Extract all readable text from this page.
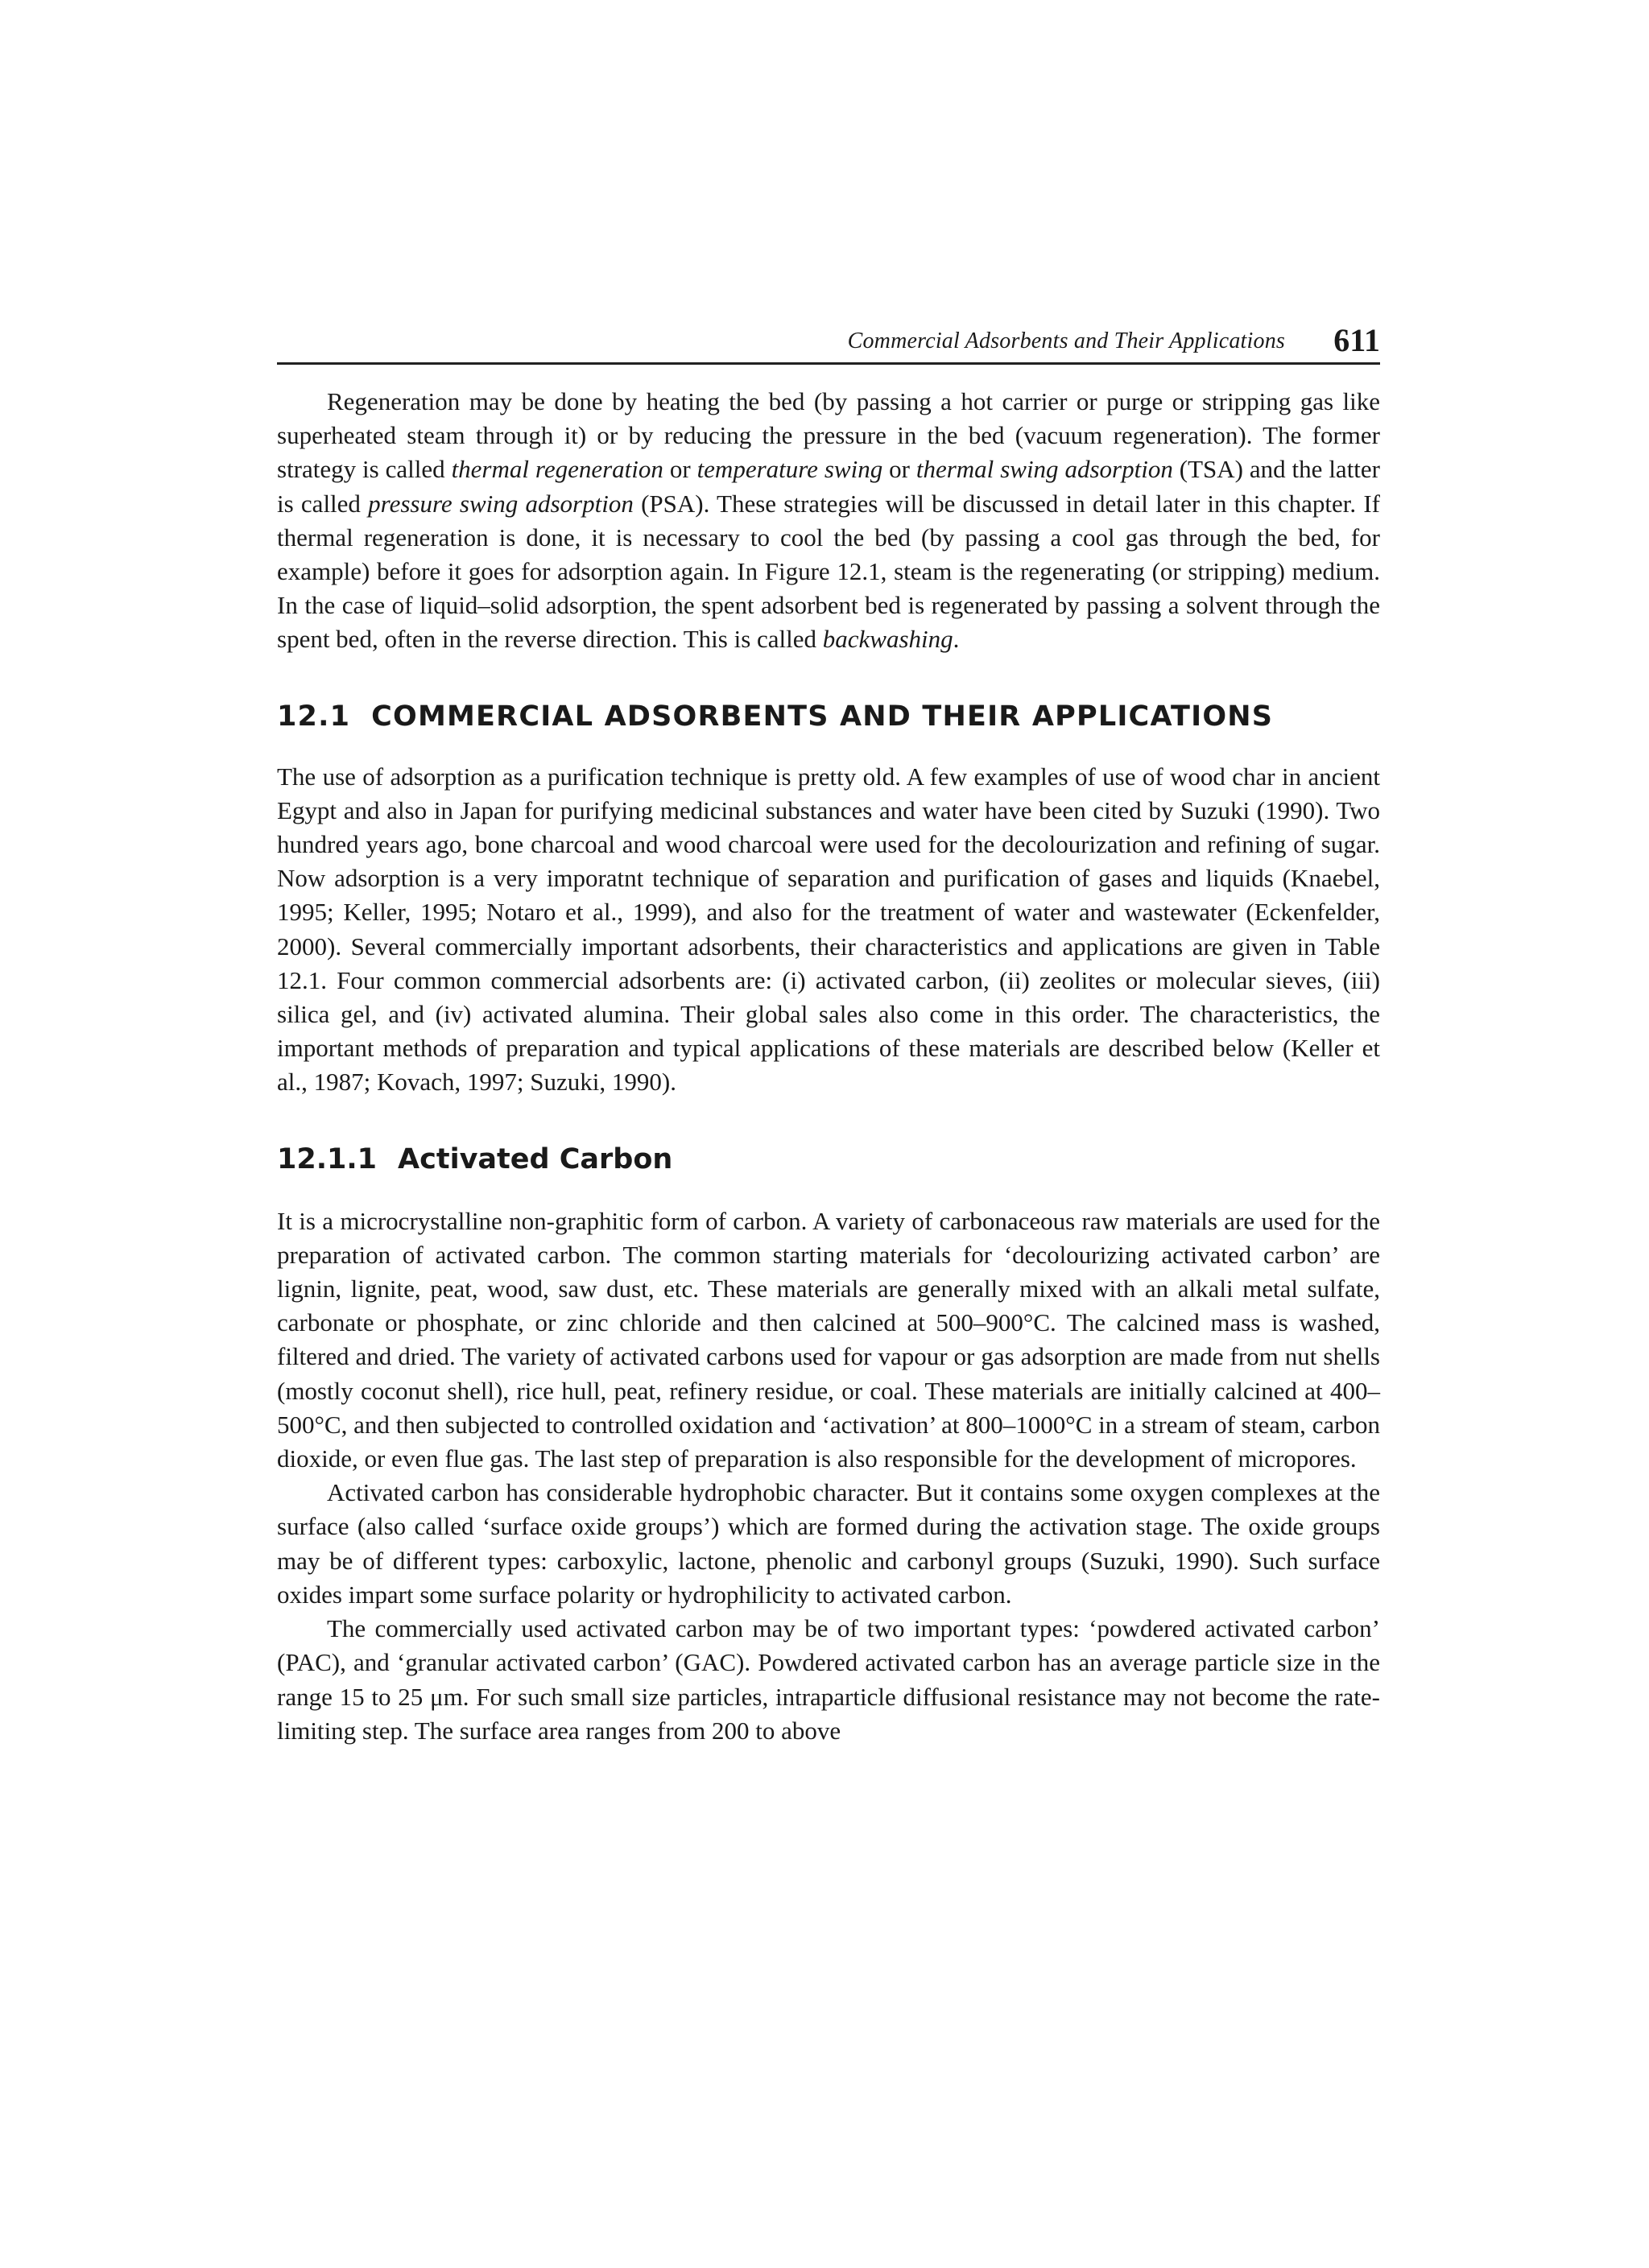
Commercial Adsorbents and Their Applications 611

Regeneration may be done by heating the bed (by passing a hot carrier or purge or stripping gas like superheated steam through it) or by reducing the pressure in the bed (vacuum regeneration). The former strategy is called thermal regeneration or temperature swing or thermal swing adsorption (TSA) and the latter is called pressure swing adsorption (PSA). These strategies will be discussed in detail later in this chapter. If thermal regeneration is done, it is necessary to cool the bed (by passing a cool gas through the bed, for example) before it goes for adsorption again. In Figure 12.1, steam is the regenerating (or stripping) medium. In the case of liquid–solid adsorption, the spent adsorbent bed is regenerated by passing a solvent through the spent bed, often in the reverse direction. This is called backwashing.

12.1 COMMERCIAL ADSORBENTS AND THEIR APPLICATIONS

The use of adsorption as a purification technique is pretty old. A few examples of use of wood char in ancient Egypt and also in Japan for purifying medicinal substances and water have been cited by Suzuki (1990). Two hundred years ago, bone charcoal and wood charcoal were used for the decolourization and refining of sugar. Now adsorption is a very imporatnt technique of separation and purification of gases and liquids (Knaebel, 1995; Keller, 1995; Notaro et al., 1999), and also for the treatment of water and wastewater (Eckenfelder, 2000). Several commercially important adsorbents, their characteristics and applications are given in Table 12.1. Four common commercial adsorbents are: (i) activated carbon, (ii) zeolites or molecular sieves, (iii) silica gel, and (iv) activated alumina. Their global sales also come in this order. The characteristics, the important methods of preparation and typical applications of these materials are described below (Keller et al., 1987; Kovach, 1997; Suzuki, 1990).

12.1.1 Activated Carbon

It is a microcrystalline non-graphitic form of carbon. A variety of carbonaceous raw materials are used for the preparation of activated carbon. The common starting materials for ‘decolourizing activated carbon’ are lignin, lignite, peat, wood, saw dust, etc. These materials are generally mixed with an alkali metal sulfate, carbonate or phosphate, or zinc chloride and then calcined at 500–900°C. The calcined mass is washed, filtered and dried. The variety of activated carbons used for vapour or gas adsorption are made from nut shells (mostly coconut shell), rice hull, peat, refinery residue, or coal. These materials are initially calcined at 400–500°C, and then subjected to controlled oxidation and ‘activation’ at 800–1000°C in a stream of steam, carbon dioxide, or even flue gas. The last step of preparation is also responsible for the development of micropores.

Activated carbon has considerable hydrophobic character. But it contains some oxygen complexes at the surface (also called ‘surface oxide groups’) which are formed during the activation stage. The oxide groups may be of different types: carboxylic, lactone, phenolic and carbonyl groups (Suzuki, 1990). Such surface oxides impart some surface polarity or hydrophilicity to activated carbon.

The commercially used activated carbon may be of two important types: ‘powdered activated carbon’ (PAC), and ‘granular activated carbon’ (GAC). Powdered activated carbon has an average particle size in the range 15 to 25 μm. For such small size particles, intraparticle diffusional resistance may not become the rate-limiting step. The surface area ranges from 200 to above
